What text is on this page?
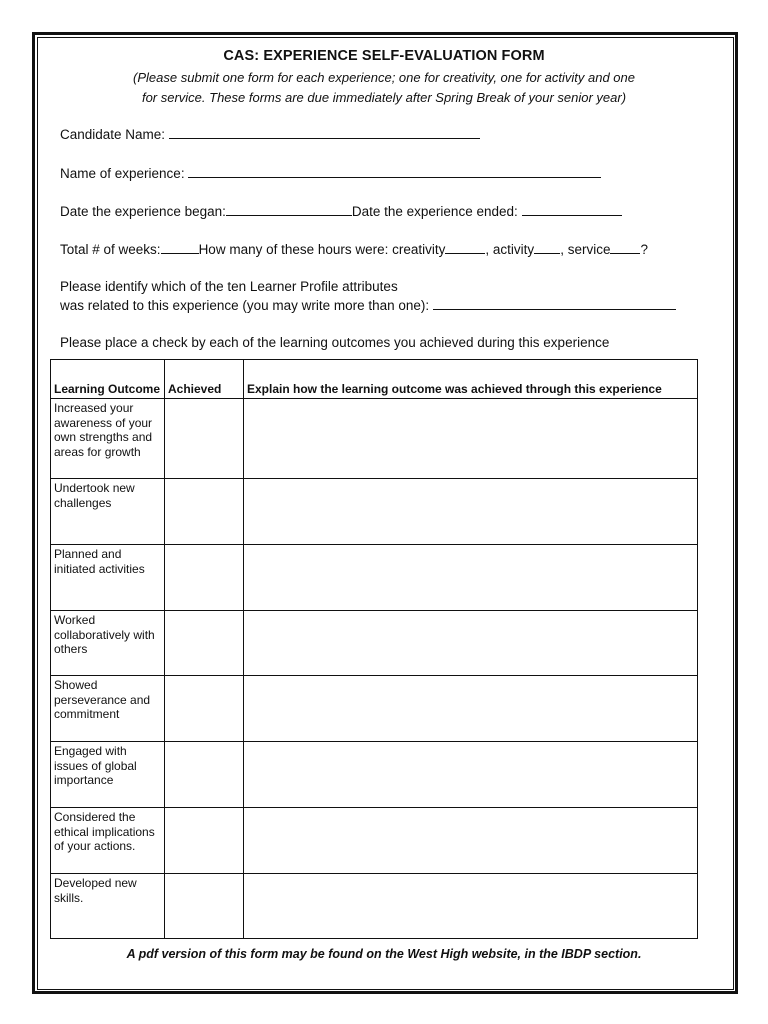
CAS: EXPERIENCE SELF-EVALUATION FORM
(Please submit one form for each experience; one for creativity, one for activity and one
for service. These forms are due immediately after Spring Break of your senior year)
Candidate Name:
Name of experience:
Date the experience began:	Date the experience ended:
Total # of weeks:	How many of these hours were: creativity	, activity , service ?
Please identify which of the ten Learner Profile attributes
was related to this experience (you may write more than one):
Please place a check by each of the learning outcomes you achieved during this experience
Learning Outcome	Achieved	Explain how the learning outcome was achieved through this experience
Increased your awareness of your own strengths and areas for growth		
Undertook new challenges		
Planned and initiated activities		
Worked collaboratively with others		
Showed perseverance and commitment		
Engaged with issues of global importance		
Considered the ethical implications of your actions.		
Developed new skills.		
A pdf version of this form may be found on the West High website, in the IBDP section.
